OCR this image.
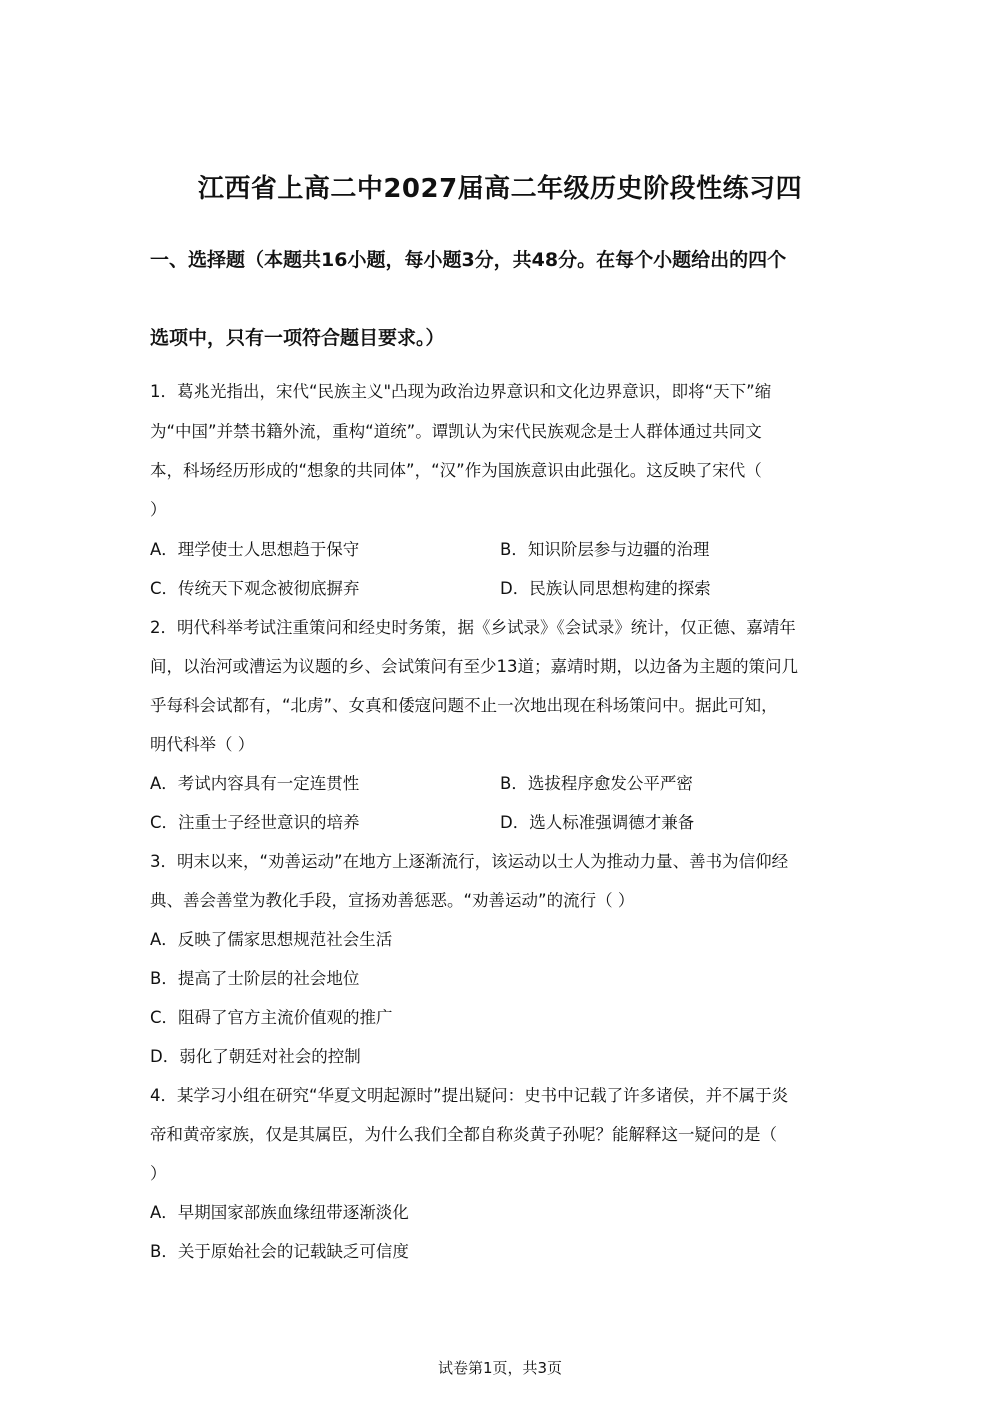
江西省上高二中2027届高二年级历史阶段性练习四
一、选择题（本题共16小题，每小题3分，共48分。在每个小题给出的四个
选项中，只有一项符合题目要求。）
1．葛兆光指出，宋代“民族主义"凸现为政治边界意识和文化边界意识，即将“天下”缩
为“中国”并禁书籍外流，重构“道统”。谭凯认为宋代民族观念是士人群体通过共同文
本，科场经历形成的“想象的共同体”，“汉”作为国族意识由此强化。这反映了宋代（
）
A．理学使士人思想趋于保守	B．知识阶层参与边疆的治理
C．传统天下观念被彻底摒弃	D．民族认同思想构建的探索
2．明代科举考试注重策问和经史时务策，据《乡试录》《会试录》统计，仅正德、嘉靖年
间，以治河或漕运为议题的乡、会试策问有至少13道；嘉靖时期，以边备为主题的策问几
乎每科会试都有，“北虏”、女真和倭寇问题不止一次地出现在科场策问中。据此可知，
明代科举（ ）
A．考试内容具有一定连贯性	B．选拔程序愈发公平严密
C．注重士子经世意识的培养	D．选人标准强调德才兼备
3．明末以来，“劝善运动”在地方上逐渐流行，该运动以士人为推动力量、善书为信仰经
典、善会善堂为教化手段，宣扬劝善惩恶。“劝善运动”的流行（ ）
A．反映了儒家思想规范社会生活
B．提高了士阶层的社会地位
C．阻碍了官方主流价值观的推广
D．弱化了朝廷对社会的控制
4．某学习小组在研究“华夏文明起源时”提出疑问：史书中记载了许多诸侯，并不属于炎
帝和黄帝家族，仅是其属臣，为什么我们全都自称炎黄子孙呢？能解释这一疑问的是（
）
A．早期国家部族血缘纽带逐渐淡化
B．关于原始社会的记载缺乏可信度
试卷第1页，共3页
